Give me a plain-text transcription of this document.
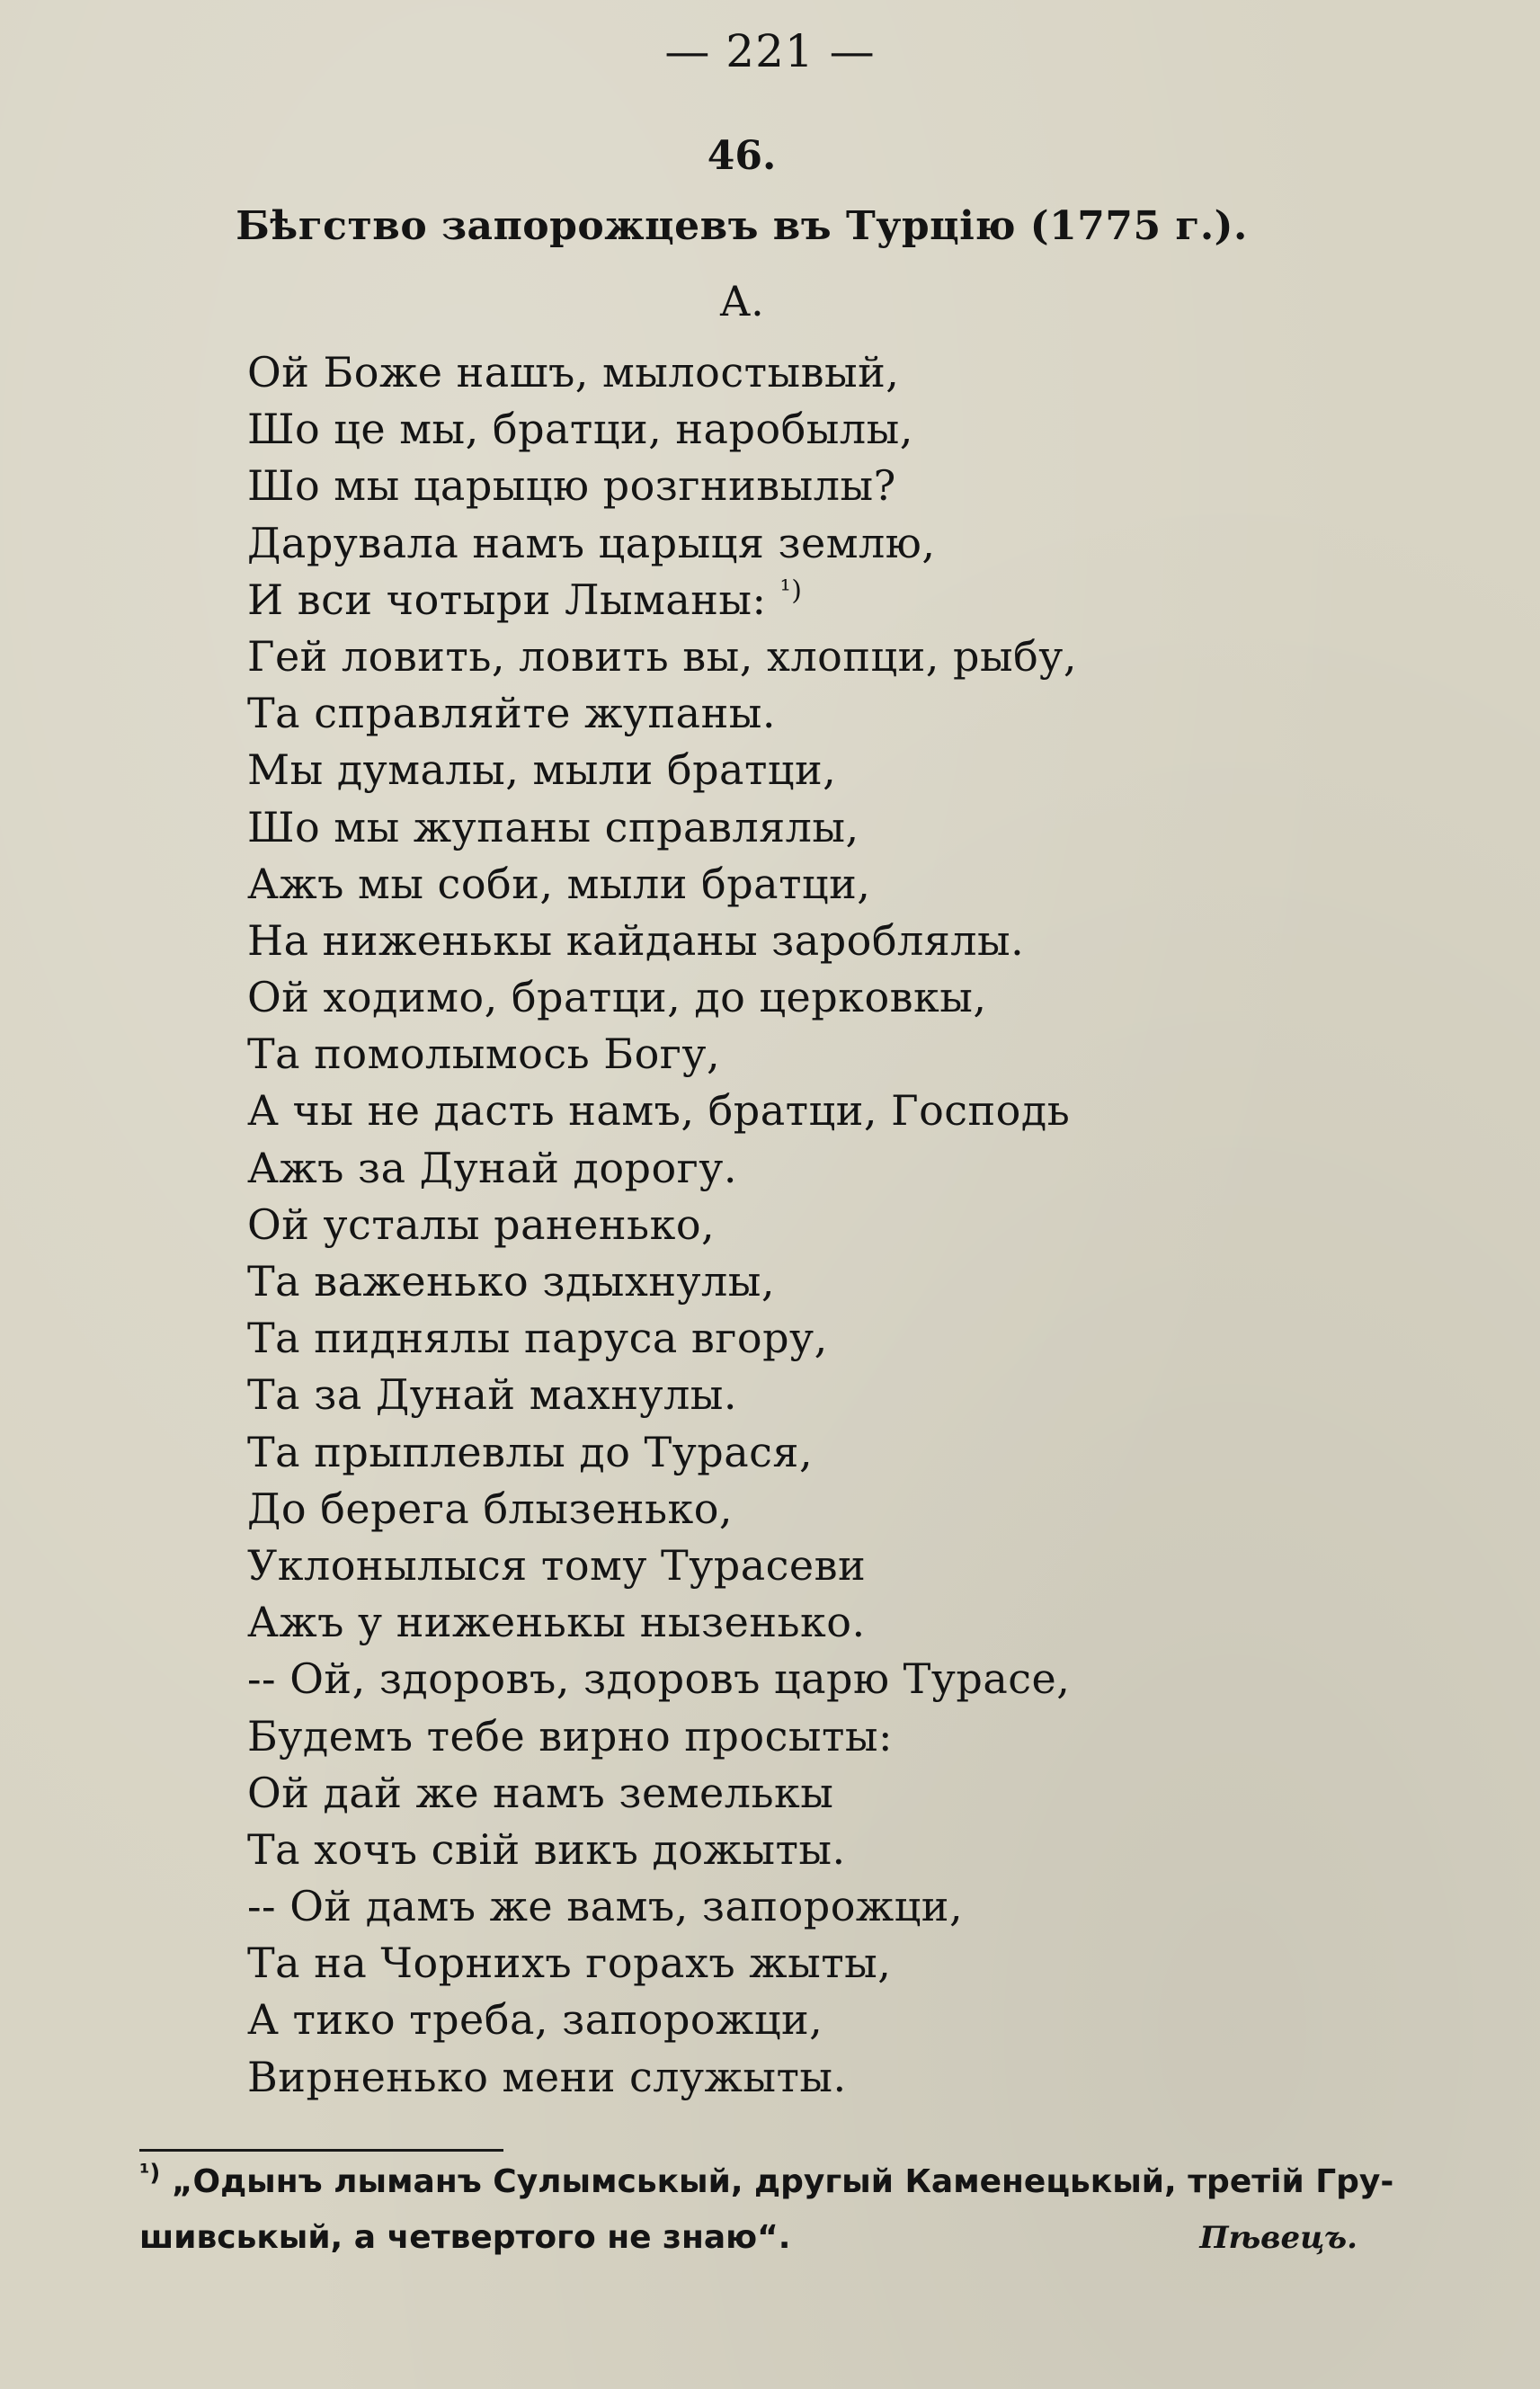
— 221 —
46.
Бѣгство запорожцевъ въ Турцію (1775 г.).
А.
Ой Боже нашъ, мылостывый,
Шо це мы, братци, наробылы,
Шо мы царыцю розгнивылы?
Дарувала намъ царыця землю,
И вси чотыри Лыманы: $^{^1)}$
Гей ловить, ловить вы, хлопци, рыбу,
Та справляйте жупаны.
Мы думалы, мыли братци,
Шо мы жупаны справлялы,
Ажъ мы соби, мыли братци,
На ниженькы кайданы зароблялы.
Ой ходимо, братци, до церковкы,
Та помолымось Богу,
А чы не дасть намъ, братци, Господь
Ажъ за Дунай дорогу.
Ой усталы раненько,
Та важенько здыхнулы,
Та пиднялы паруса вгору,
Та за Дунай махнулы.
Та прыплевлы до Турася,
До берега блызенько,
Уклонылыся тому Турасеви
Ажъ у ниженькы нызенько.
-- Ой, здоровъ, здоровъ царю Турасе,
Будемъ тебе вирно просыты:
Ой дай же намъ земелькы
Та хочъ свій викъ дожыты.
-- Ой дамъ же вамъ, запорожци,
Та на Чорнихъ горахъ жыты,
А тико треба, запорожци,
Вирненько мени служыты.
$^{^1)}$ „Одынъ лыманъ Сулымськый, другый Каменецькый, третій Гру-
шивськый, а четвертого не знаю“.	Пѣвецъ.
